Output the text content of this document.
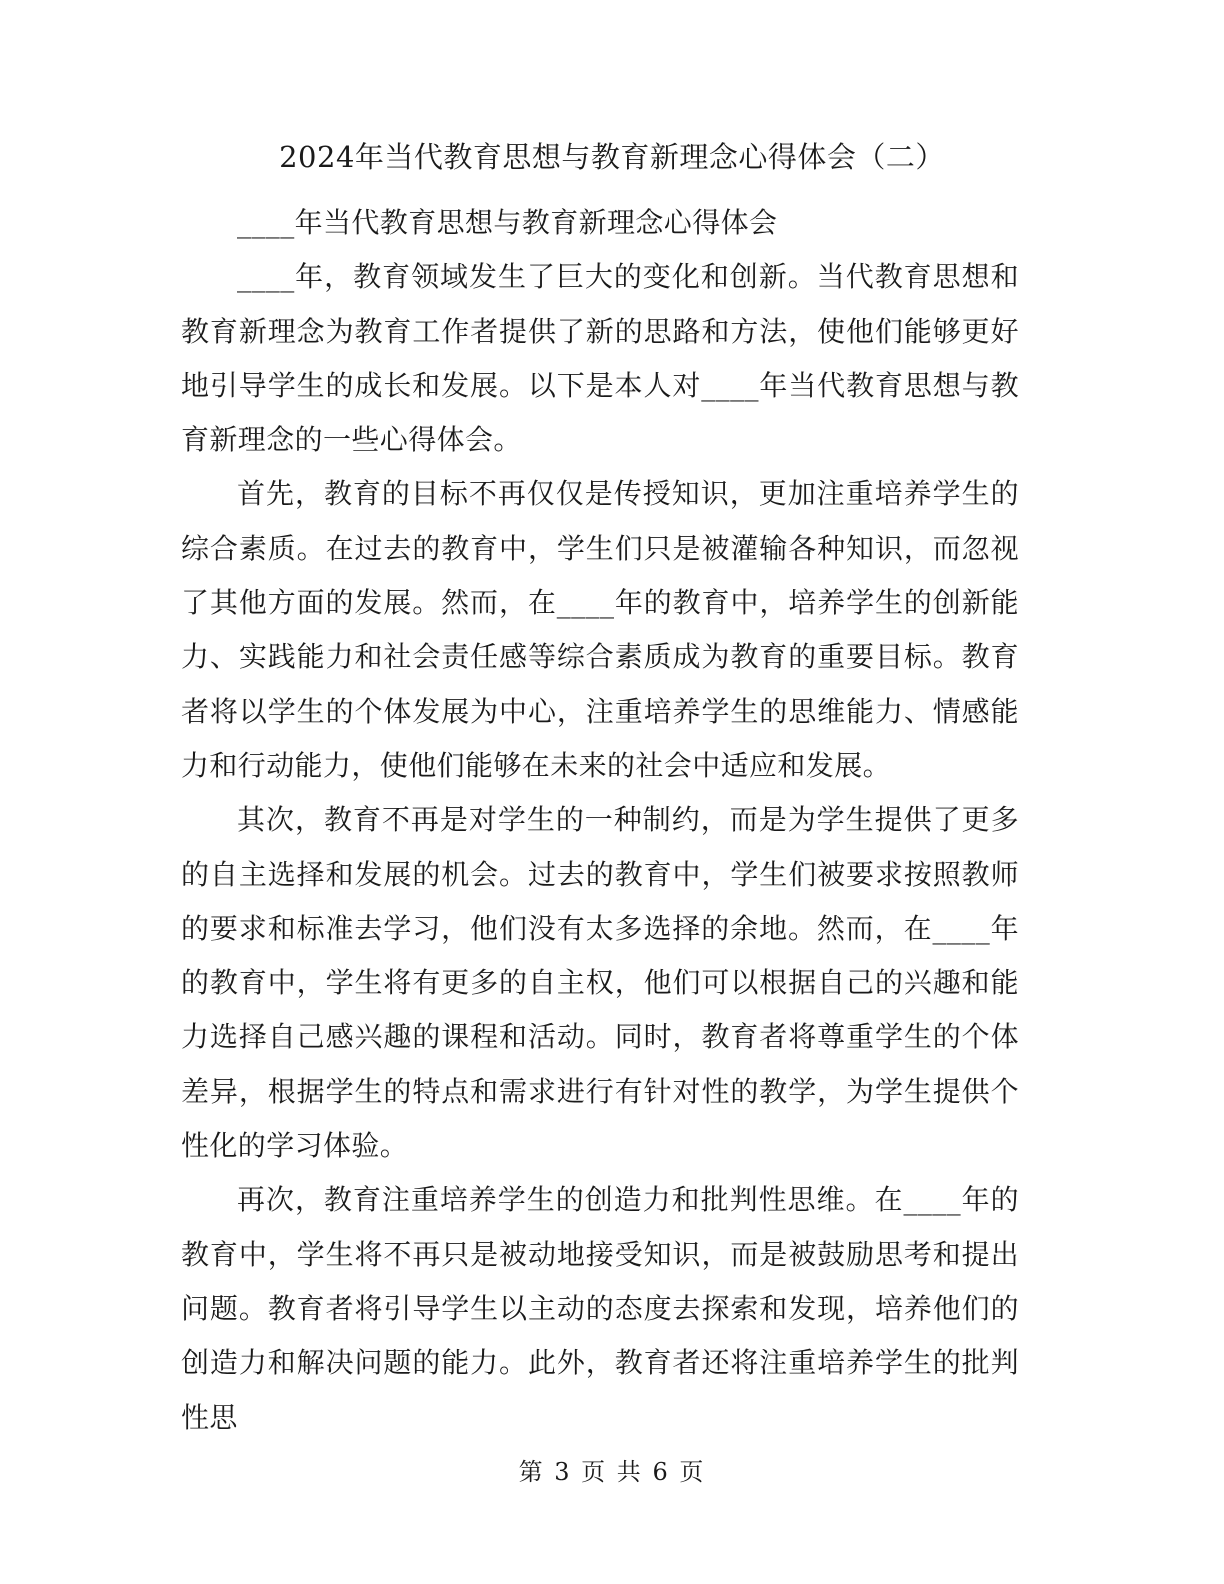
2024年当代教育思想与教育新理念心得体会（二）

____年当代教育思想与教育新理念心得体会

____年，教育领域发生了巨大的变化和创新。当代教育思想和教育新理念为教育工作者提供了新的思路和方法，使他们能够更好地引导学生的成长和发展。以下是本人对____年当代教育思想与教育新理念的一些心得体会。

首先，教育的目标不再仅仅是传授知识，更加注重培养学生的综合素质。在过去的教育中，学生们只是被灌输各种知识，而忽视了其他方面的发展。然而，在____年的教育中，培养学生的创新能力、实践能力和社会责任感等综合素质成为教育的重要目标。教育者将以学生的个体发展为中心，注重培养学生的思维能力、情感能力和行动能力，使他们能够在未来的社会中适应和发展。

其次，教育不再是对学生的一种制约，而是为学生提供了更多的自主选择和发展的机会。过去的教育中，学生们被要求按照教师的要求和标准去学习，他们没有太多选择的余地。然而，在____年的教育中，学生将有更多的自主权，他们可以根据自己的兴趣和能力选择自己感兴趣的课程和活动。同时，教育者将尊重学生的个体差异，根据学生的特点和需求进行有针对性的教学，为学生提供个性化的学习体验。

再次，教育注重培养学生的创造力和批判性思维。在____年的教育中，学生将不再只是被动地接受知识，而是被鼓励思考和提出问题。教育者将引导学生以主动的态度去探索和发现，培养他们的创造力和解决问题的能力。此外，教育者还将注重培养学生的批判性思

第 3 页 共 6 页
